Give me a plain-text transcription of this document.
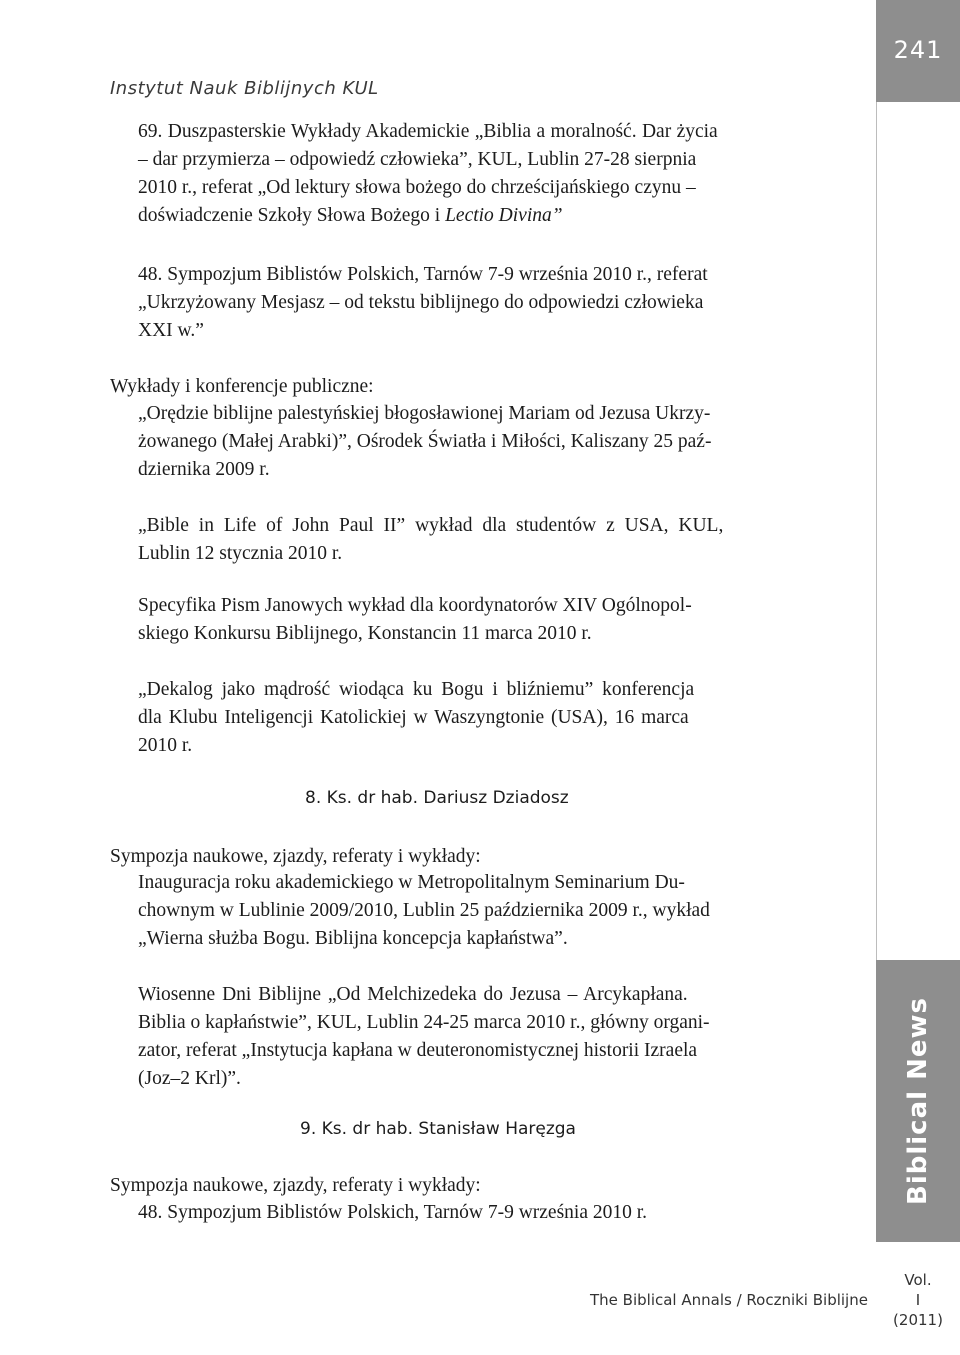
241
Biblical News
Vol.
I
(2011)
Instytut Nauk Biblijnych KUL
69. Duszpasterskie Wykłady Akademickie „Biblia a moralność. Dar życia
– dar przymierza – odpowiedź człowieka”, KUL, Lublin 27-28 sierpnia
2010 r., referat „Od lektury słowa bożego do chrześcijańskiego czynu –
doświadczenie Szkoły Słowa Bożego i Lectio Divina”
48. Sympozjum Biblistów Polskich, Tarnów 7-9 września 2010 r., referat
„Ukrzyżowany Mesjasz – od tekstu biblijnego do odpowiedzi człowieka
XXI w.”
Wykłady i konferencje publiczne:
„Orędzie biblijne palestyńskiej błogosławionej Mariam od Jezusa Ukrzy-
żowanego (Małej Arabki)”, Ośrodek Światła i Miłości, Kaliszany 25 paź-
dziernika 2009 r.
„Bible in Life of John Paul II” wykład dla studentów z USA, KUL,
Lublin 12 stycznia 2010 r.
Specyfika Pism Janowych wykład dla koordynatorów XIV Ogólnopol-
skiego Konkursu Biblijnego, Konstancin 11 marca 2010 r.
„Dekalog jako mądrość wiodąca ku Bogu i bliźniemu” konferencja
dla Klubu Inteligencji Katolickiej w Waszyngtonie (USA), 16 marca
2010 r.
8. Ks. dr hab. Dariusz Dziadosz
Sympozja naukowe, zjazdy, referaty i wykłady:
Inauguracja roku akademickiego w Metropolitalnym Seminarium Du-
chownym w Lublinie 2009/2010, Lublin 25 października 2009 r., wykład
„Wierna służba Bogu. Biblijna koncepcja kapłaństwa”.
Wiosenne Dni Biblijne „Od Melchizedeka do Jezusa – Arcykapłana.
Biblia o kapłaństwie”, KUL, Lublin 24-25 marca 2010 r., główny organi-
zator, referat „Instytucja kapłana w deuteronomistycznej historii Izraela
(Joz–2 Krl)”.
9. Ks. dr hab. Stanisław Haręzga
Sympozja naukowe, zjazdy, referaty i wykłady:
48. Sympozjum Biblistów Polskich, Tarnów 7-9 września 2010 r.
The Biblical Annals / Roczniki Biblijne
